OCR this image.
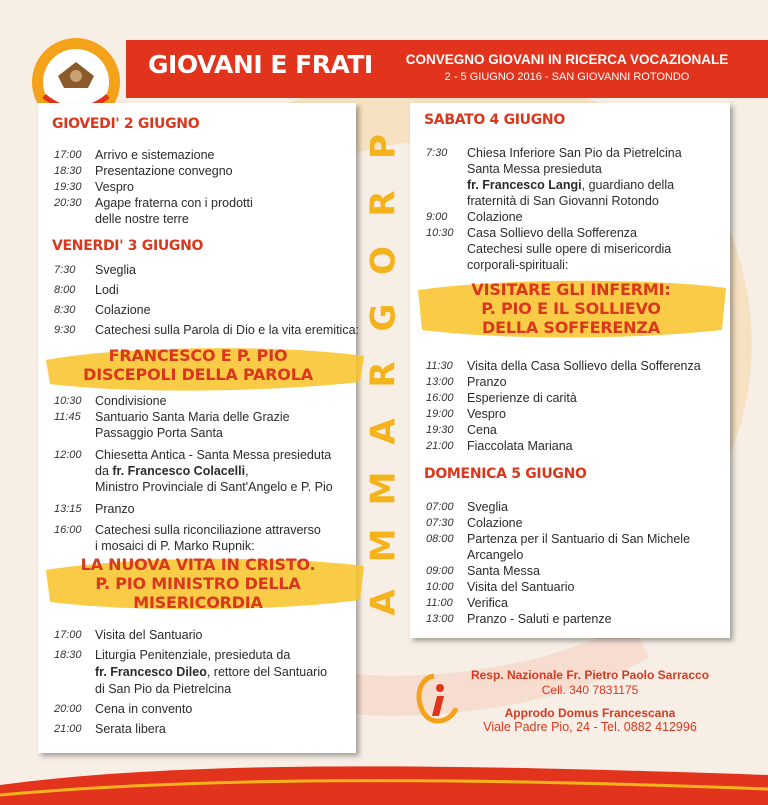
GIOVANI E FRATI CONVEGNO GIOVANI IN RICERCA VOCAZIONALE
2 - 5 GIUGNO 2016 - SAN GIOVANNI ROTONDO
P
R
O
G
R
A
M
M
A
GIOVEDI' 2 GIUGNO
17:00 Arrivo e sistemazione
18:30 Presentazione convegno
19:30 Vespro
20:30 Agape fraterna con i prodotti
delle nostre terre
VENERDI' 3 GIUGNO
7:30 Sveglia
8:00 Lodi
8:30 Colazione
9:30 Catechesi sulla Parola di Dio e la vita eremitica:
FRANCESCO E P. PIO
DISCEPOLI DELLA PAROLA
10:30 Condivisione
11:45 Santuario Santa Maria delle Grazie
Passaggio Porta Santa
12:00 Chiesetta Antica - Santa Messa presieduta
da fr. Francesco Colacelli,
Ministro Provinciale di Sant'Angelo e P. Pio
13:15 Pranzo
16:00 Catechesi sulla riconciliazione attraverso
i mosaici di P. Marko Rupnik:
LA NUOVA VITA IN CRISTO.
P. PIO MINISTRO DELLA
MISERICORDIA
17:00 Visita del Santuario
18:30 Liturgia Penitenziale, presieduta da
fr. Francesco Dileo, rettore del Santuario
di San Pio da Pietrelcina
20:00 Cena in convento
21:00 Serata libera
SABATO 4 GIUGNO
7:30 Chiesa Inferiore San Pio da Pietrelcina
Santa Messa presieduta
fr. Francesco Langi, guardiano della
fraternità di San Giovanni Rotondo
9:00 Colazione
10:30 Casa Sollievo della Sofferenza
Catechesi sulle opere di misericordia
corporali-spirituali:
VISITARE GLI INFERMI:
P. PIO E IL SOLLIEVO
DELLA SOFFERENZA
11:30 Visita della Casa Sollievo della Sofferenza
13:00 Pranzo
16:00 Esperienze di carità
19:00 Vespro
19:30 Cena
21:00 Fiaccolata Mariana
DOMENICA 5 GIUGNO
07:00 Sveglia
07:30 Colazione
08:00 Partenza per il Santuario di San Michele
Arcangelo
09:00 Santa Messa
10:00 Visita del Santuario
11:00 Verifica
13:00 Pranzo - Saluti e partenze
Resp. Nazionale Fr. Pietro Paolo Sarracco
Cell. 340 7831175
Approdo Domus Francescana
Viale Padre Pio, 24 - Tel. 0882 412996
